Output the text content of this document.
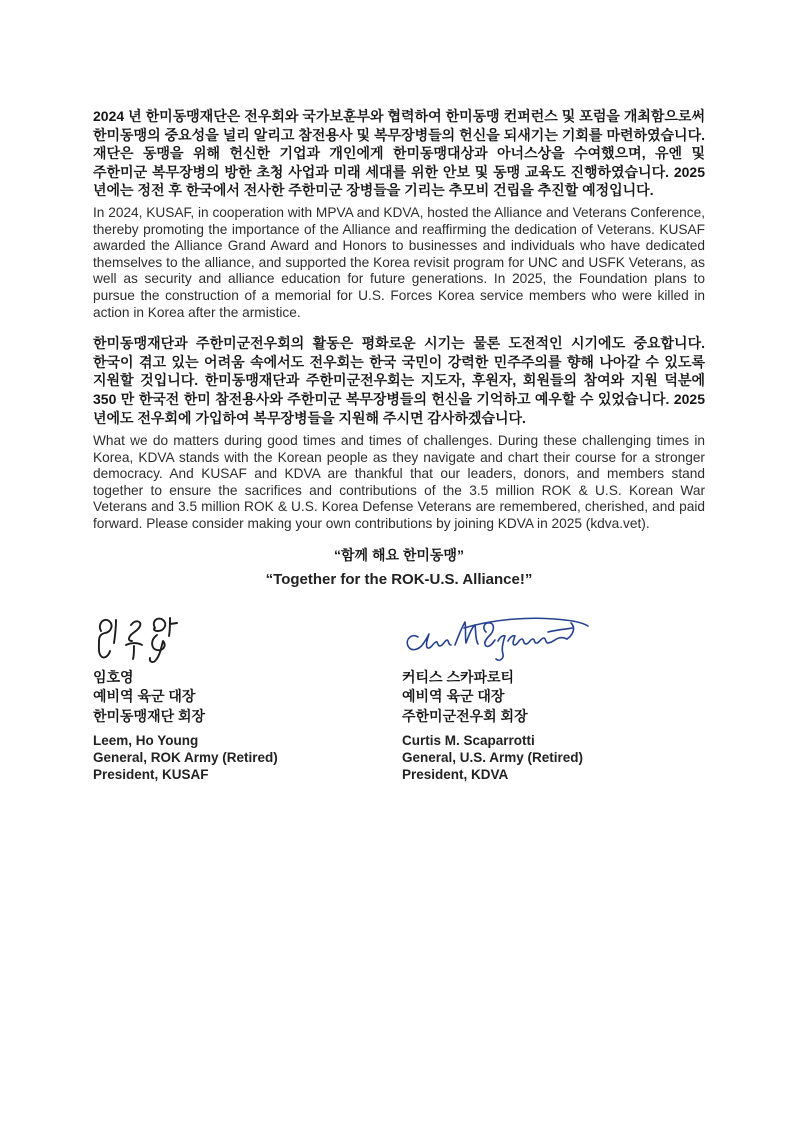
2024 년 한미동맹재단은 전우회와 국가보훈부와 협력하여 한미동맹 컨퍼런스 및 포럼을 개최함으로써 한미동맹의 중요성을 널리 알리고 참전용사 및 복무장병들의 헌신을 되새기는 기회를 마련하였습니다. 재단은 동맹을 위해 헌신한 기업과 개인에게 한미동맹대상과 아너스상을 수여했으며, 유엔 및 주한미군 복무장병의 방한 초청 사업과 미래 세대를 위한 안보 및 동맹 교육도 진행하였습니다. 2025 년에는 정전 후 한국에서 전사한 주한미군 장병들을 기리는 추모비 건립을 추진할 예정입니다.

In 2024, KUSAF, in cooperation with MPVA and KDVA, hosted the Alliance and Veterans Conference, thereby promoting the importance of the Alliance and reaffirming the dedication of Veterans. KUSAF awarded the Alliance Grand Award and Honors to businesses and individuals who have dedicated themselves to the alliance, and supported the Korea revisit program for UNC and USFK Veterans, as well as security and alliance education for future generations. In 2025, the Foundation plans to pursue the construction of a memorial for U.S. Forces Korea service members who were killed in action in Korea after the armistice.

한미동맹재단과 주한미군전우회의 활동은 평화로운 시기는 물론 도전적인 시기에도 중요합니다. 한국이 겪고 있는 어려움 속에서도 전우회는 한국 국민이 강력한 민주주의를 향해 나아갈 수 있도록 지원할 것입니다. 한미동맹재단과 주한미군전우회는 지도자, 후원자, 회원들의 참여와 지원 덕분에 350 만 한국전 한미 참전용사와 주한미군 복무장병들의 헌신을 기억하고 예우할 수 있었습니다. 2025 년에도 전우회에 가입하여 복무장병들을 지원해 주시면 감사하겠습니다.

What we do matters during good times and times of challenges. During these challenging times in Korea, KDVA stands with the Korean people as they navigate and chart their course for a stronger democracy. And KUSAF and KDVA are thankful that our leaders, donors, and members stand together to ensure the sacrifices and contributions of the 3.5 million ROK & U.S. Korean War Veterans and 3.5 million ROK & U.S. Korea Defense Veterans are remembered, cherished, and paid forward. Please consider making your own contributions by joining KDVA in 2025 (kdva.vet).

“함께 해요 한미동맹”
“Together for the ROK-U.S. Alliance!”
임호영
예비역 육군 대장
한미동맹재단 회장
Leem, Ho Young
General, ROK Army (Retired)
President, KUSAF
커티스 스카파로티
예비역 육군 대장
주한미군전우회 회장
Curtis M. Scaparrotti
General, U.S. Army (Retired)
President, KDVA
